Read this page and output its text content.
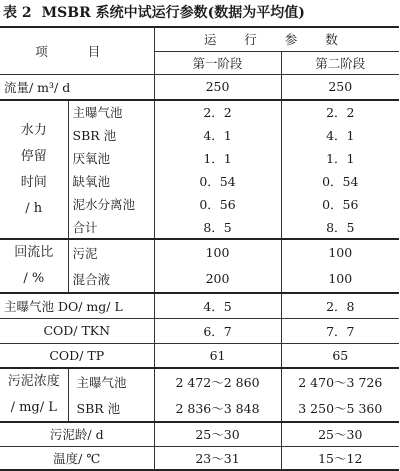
表 2 MSBR 系统中试运行参数(数据为平均值)
项 目		运 行 参 数	
		第一阶段	第二阶段
流量/ m³/ d		250	250

水力
停留
时间
/ h	主曝气池	2．2	2．2
	SBR 池	4．1	4．1
	厌氧池	1．1	1．1
	缺氧池	0．54	0．54
	泥水分离池	0．56	0．56
	合计	8．5	8．5

回流比
/ %	污泥	100	100
	混合液	200	100
主曝气池 DO/ mg/ L		4．5	2．8
COD/ TKN		6．7	7．7
COD/ TP		61	65

污泥浓度
/ mg/ L	主曝气池	2 472～2 860	2 470～3 726
	SBR 池	2 836～3 848	3 250～5 360
污泥龄/ d		25～30	25～30
温度/ ℃		23～31	15～12
